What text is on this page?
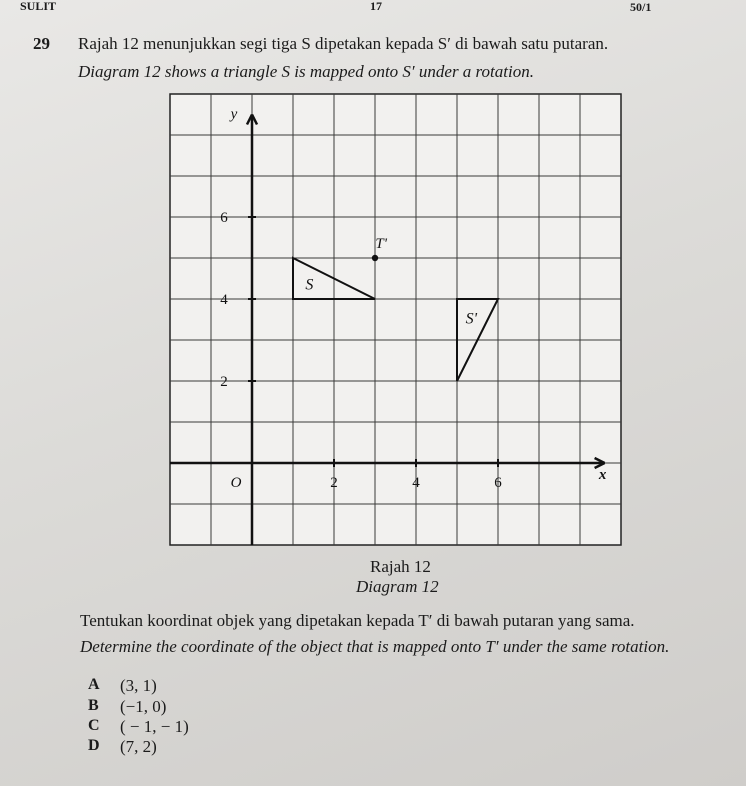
SULIT	17	50/1
29 Rajah 12 menunjukkan segi tiga S dipetakan kepada S′ di bawah satu putaran.
Diagram 12 shows a triangle S is mapped onto S′ under a rotation.
2
2
4
4
6
6
O	x
y
S
S'
T'
Rajah 12
Diagram 12
Tentukan koordinat objek yang dipetakan kepada T′ di bawah putaran yang sama.
Determine the coordinate of the object that is mapped onto T′ under the same rotation.
A (3, 1)
B (−1, 0)
C ( − 1, − 1)
D (7, 2)
